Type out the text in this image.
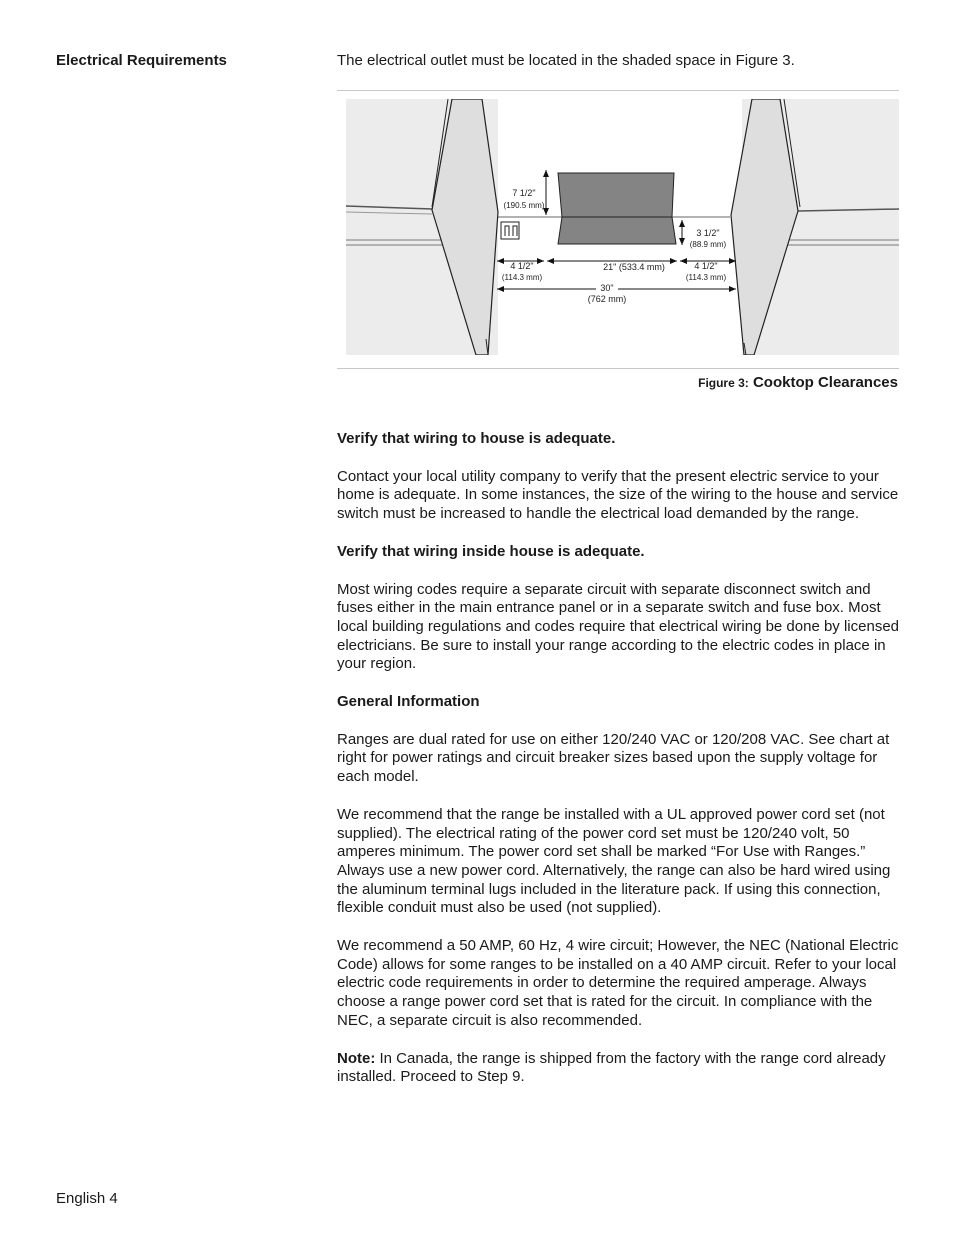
Electrical Requirements	The electrical outlet must be located in the shaded space in Figure 3.
7 1/2"
(190.5 mm)
3 1/2"
(88.9 mm)
4 1/2"
(114.3 mm)
21" (533.4 mm)	4 1/2"
(114.3 mm)
30"
(762 mm)
Figure 3: Cooktop Clearances

Verify that wiring to house is adequate.

Contact your local utility company to verify that the present electric service to your home is adequate. In some instances, the size of the wiring to the house and service switch must be increased to handle the electrical load demanded by the range.

Verify that wiring inside house is adequate.

Most wiring codes require a separate circuit with separate disconnect switch and fuses either in the main entrance panel or in a separate switch and fuse box. Most local building regulations and codes require that electrical wiring be done by licensed electricians. Be sure to install your range according to the electric codes in place in your region.

General Information

Ranges are dual rated for use on either 120/240 VAC or 120/208 VAC. See chart at right for power ratings and circuit breaker sizes based upon the supply voltage for each model.

We recommend that the range be installed with a UL approved power cord set (not supplied). The electrical rating of the power cord set must be 120/240 volt, 50 amperes minimum. The power cord set shall be marked “For Use with Ranges.” Always use a new power cord. Alternatively, the range can also be hard wired using the aluminum terminal lugs included in the literature pack. If using this connection, flexible conduit must also be used (not supplied).

We recommend a 50 AMP, 60 Hz, 4 wire circuit; However, the NEC (National Electric Code) allows for some ranges to be installed on a 40 AMP circuit. Refer to your local electric code requirements in order to determine the required amperage. Always choose a range power cord set that is rated for the circuit. In compliance with the NEC, a separate circuit is also recommended.

Note: In Canada, the range is shipped from the factory with the range cord already installed. Proceed to Step 9.

English 4
